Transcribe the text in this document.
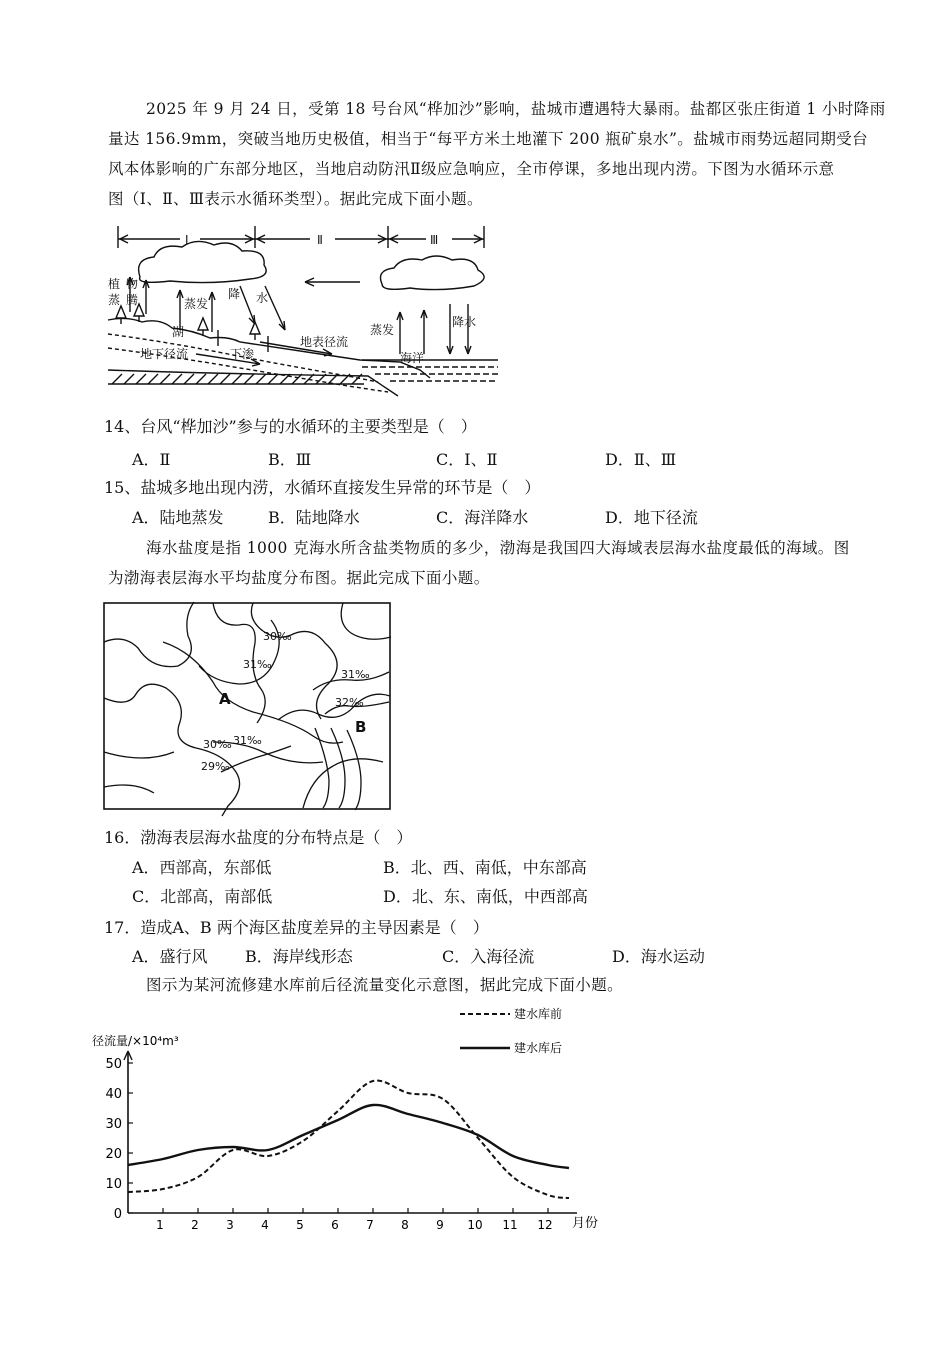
2025 年 9 月 24 日，受第 18 号台风“桦加沙”影响，盐城市遭遇特大暴雨。盐都区张庄街道 1 小时降雨
量达 156.9mm，突破当地历史极值，相当于“每平方米土地灌下 200 瓶矿泉水”。盐城市雨势远超同期受台
风本体影响的广东部分地区，当地启动防汛Ⅱ级应急响应，全市停课，多地出现内涝。下图为水循环示意
图（Ⅰ、Ⅱ、Ⅲ表示水循环类型）。据此完成下面小题。
Ⅰ	Ⅱ	Ⅲ
植 物
蒸 腾	蒸发
降 水
湖
地表径流
地下径流	下渗
蒸发
降水
海洋
14、台风“桦加沙”参与的水循环的主要类型是（　）
A．Ⅱ	B．Ⅲ	C．Ⅰ、Ⅱ	D．Ⅱ、Ⅲ
15、盐城多地出现内涝，水循环直接发生异常的环节是（　）
A．陆地蒸发	B．陆地降水	C．海洋降水	D．地下径流
海水盐度是指 1000 克海水所含盐类物质的多少，渤海是我国四大海域表层海水盐度最低的海域。图
为渤海表层海水平均盐度分布图。据此完成下面小题。
30‰
31‰
31‰
32‰
30‰ 31‰
29‰
A
B
16．渤海表层海水盐度的分布特点是（　）
A．西部高，东部低	B．北、西、南低，中东部高
C．北部高，南部低	D．北、东、南低，中西部高
17．造成A、B 两个海区盐度差异的主导因素是（　）
A．盛行风 B．海岸线形态	C．入海径流	D．海水运动
图示为某河流修建水库前后径流量变化示意图，据此完成下面小题。
径流量/×10⁴m³
月份
建水库前
建水库后
0
10
20
30
40
50
1 2 3 4 5 6 7 8 9 10 11 12
